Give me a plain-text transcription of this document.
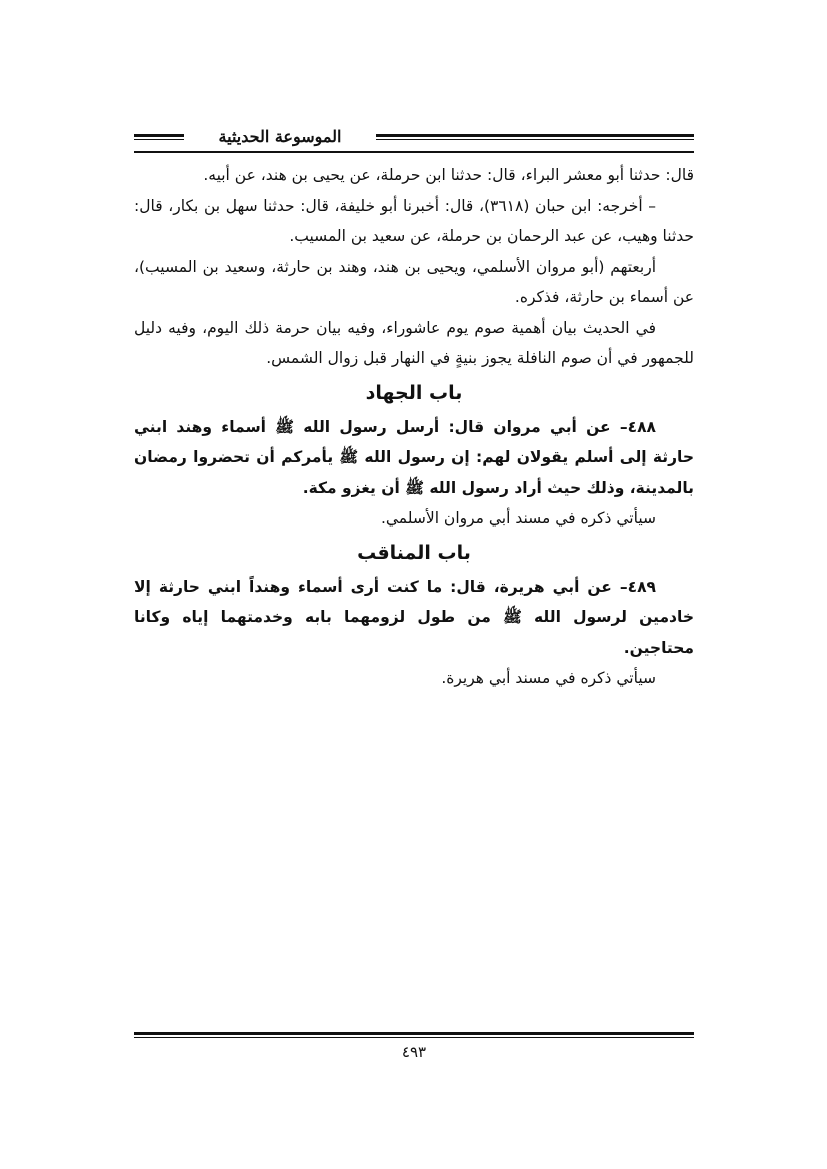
الموسوعة الحديثية

قال: حدثنا أبو معشر البراء، قال: حدثنا ابن حرملة، عن يحيى بن هند، عن أبيه.

– أخرجه: ابن حبان (٣٦١٨)، قال: أخبرنا أبو خليفة، قال: حدثنا سهل بن بكار، قال: حدثنا وهيب، عن عبد الرحمان بن حرملة، عن سعيد بن المسيب.

أربعتهم (أبو مروان الأسلمي، ويحيى بن هند، وهند بن حارثة، وسعيد بن المسيب)، عن أسماء بن حارثة، فذكره.

في الحديث بيان أهمية صوم يوم عاشوراء، وفيه بيان حرمة ذلك اليوم، وفيه دليل للجمهور في أن صوم النافلة يجوز بنيةٍ في النهار قبل زوال الشمس.

باب الجهاد

٤٨٨– عن أبي مروان قال: أرسل رسول الله ﷺ أسماء وهند ابني حارثة إلى أسلم يقولان لهم: إن رسول الله ﷺ يأمركم أن تحضروا رمضان بالمدينة، وذلك حيث أراد رسول الله ﷺ أن يغزو مكة.

سيأتي ذكره في مسند أبي مروان الأسلمي.

باب المناقب

٤٨٩– عن أبي هريرة، قال: ما كنت أرى أسماء وهنداً ابني حارثة إلا خادمين لرسول الله ﷺ من طول لزومهما بابه وخدمتهما إياه وكانا محتاجين.

سيأتي ذكره في مسند أبي هريرة.

٤٩٣
